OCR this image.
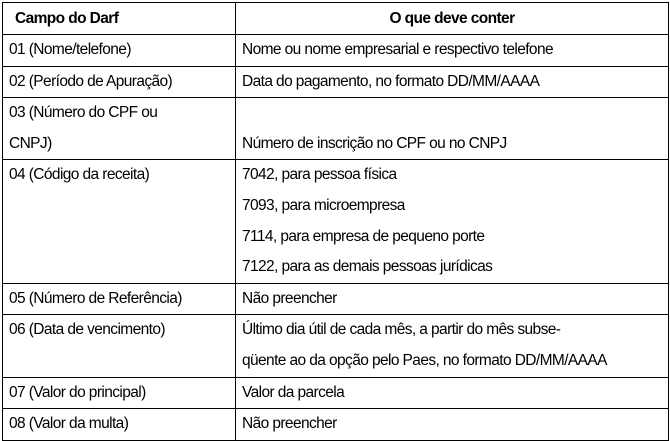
Campo do Darf	O que deve conter

01 (Nome/telefone)	Nome ou nome empresarial e respectivo telefone

02 (Período de Apuração)	Data do pagamento, no formato DD/MM/AAAA

03 (Número do CPF ou
CNPJ)	Número de inscrição no CPF ou no CNPJ

04 (Código da receita)	7042, para pessoa física
7093, para microempresa
7114, para empresa de pequeno porte
7122, para as demais pessoas jurídicas

05 (Número de Referência)	Não preencher

06 (Data de vencimento)	Último dia útil de cada mês, a partir do mês subse-
qüente ao da opção pelo Paes, no formato DD/MM/AAAA

07 (Valor do principal)	Valor da parcela

08 (Valor da multa)	Não preencher
